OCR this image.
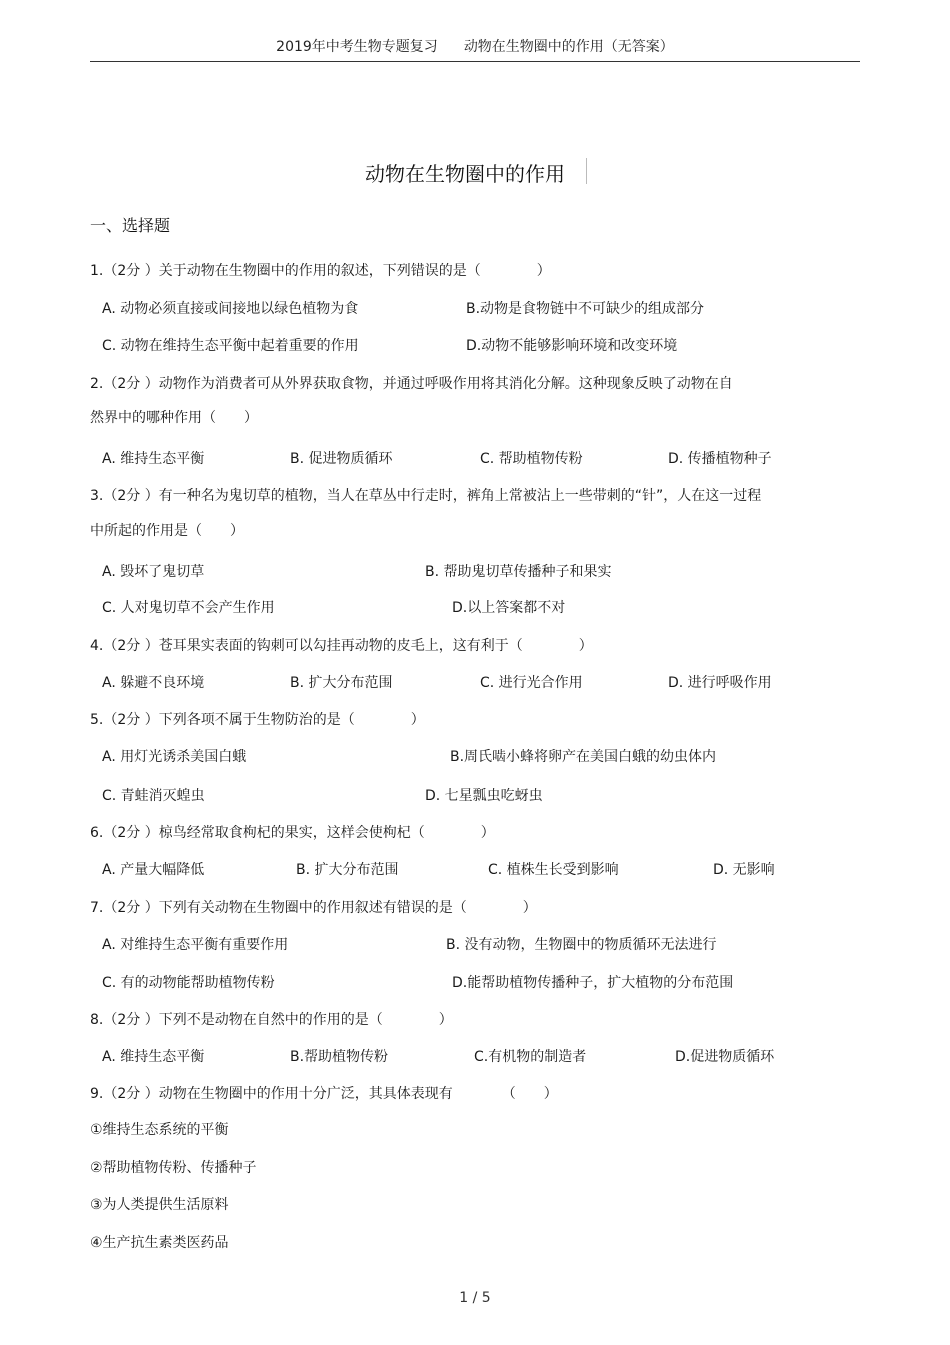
2019年中考生物专题复习 动物在生物圈中的作用（无答案）
动物在生物圈中的作用
一、选择题
1.（2分 ）关于动物在生物圈中的作用的叙述，下列错误的是（　　　　）
A. 动物必须直接或间接地以绿色植物为食	B.动物是食物链中不可缺少的组成部分
C. 动物在维持生态平衡中起着重要的作用	D.动物不能够影响环境和改变环境
2.（2分 ）动物作为消费者可从外界获取食物，并通过呼吸作用将其消化分解。这种现象反映了动物在自
然界中的哪种作用（　　）
A. 维持生态平衡	B. 促进物质循环	C. 帮助植物传粉	D. 传播植物种子
3.（2分 ）有一种名为鬼切草的植物，当人在草丛中行走时，裤角上常被沾上一些带刺的“针”，人在这一过程
中所起的作用是（　　）
A. 毁坏了鬼切草	B. 帮助鬼切草传播种子和果实
C. 人对鬼切草不会产生作用	D.以上答案都不对
4.（2分 ）苍耳果实表面的钩刺可以勾挂再动物的皮毛上，这有利于（　　　　）
A. 躲避不良环境	B. 扩大分布范围	C. 进行光合作用	D. 进行呼吸作用
5.（2分 ）下列各项不属于生物防治的是（　　　　）
A. 用灯光诱杀美国白蛾	B.周氏啮小蜂将卵产在美国白蛾的幼虫体内
C. 青蛙消灭蝗虫	D. 七星瓢虫吃蚜虫
6.（2分 ）椋鸟经常取食枸杞的果实，这样会使枸杞（　　　　）
A. 产量大幅降低	B. 扩大分布范围	C. 植株生长受到影响	D. 无影响
7.（2分 ）下列有关动物在生物圈中的作用叙述有错误的是（　　　　）
A. 对维持生态平衡有重要作用	B. 没有动物，生物圈中的物质循环无法进行
C. 有的动物能帮助植物传粉	D.能帮助植物传播种子，扩大植物的分布范围
8.（2分 ）下列不是动物在自然中的作用的是（　　　　）
A. 维持生态平衡	B.帮助植物传粉	C.有机物的制造者	D.促进物质循环
9.（2分 ）动物在生物圈中的作用十分广泛，其具体表现有　　　　（　　）
①维持生态系统的平衡
②帮助植物传粉、传播种子
③为人类提供生活原料
④生产抗生素类医药品
1 / 5
